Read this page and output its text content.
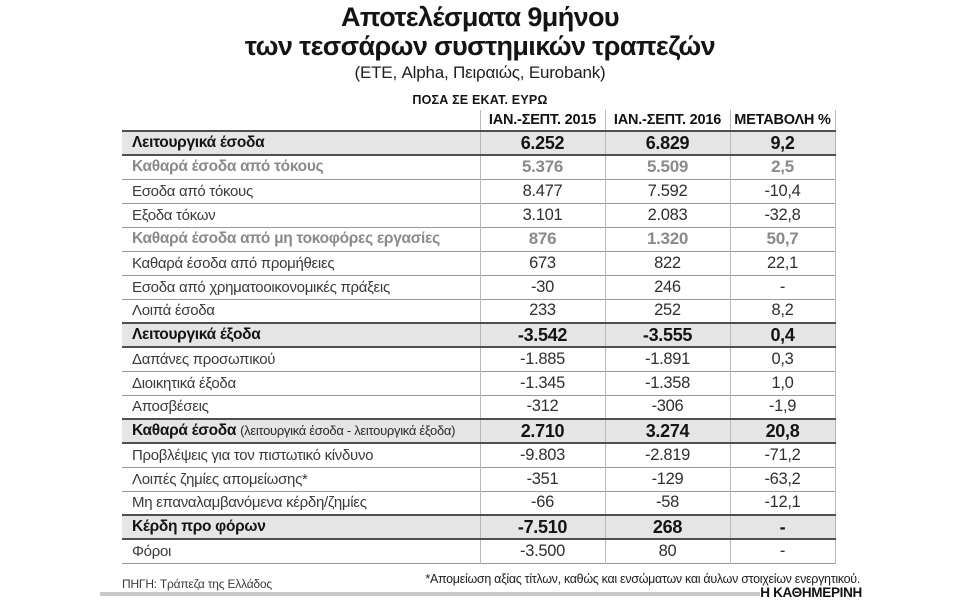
Αποτελέσματα 9μήνου
των τεσσάρων συστημικών τραπεζών
(ΕΤΕ, Alpha, Πειραιώς, Eurobank)
ΠΟΣΑ ΣΕ ΕΚΑΤ. ΕΥΡΩ
	ΙΑΝ.-ΣΕΠΤ. 2015	ΙΑΝ.-ΣΕΠΤ. 2016	ΜΕΤΑΒΟΛΗ %
Λειτουργικά έσοδα	6.252	6.829	9,2
Καθαρά έσοδα από τόκους	5.376	5.509	2,5
Εσοδα από τόκους	8.477	7.592	-10,4
Εξοδα τόκων	3.101	2.083	-32,8
Καθαρά έσοδα από μη τοκοφόρες εργασίες	876	1.320	50,7
Καθαρά έσοδα από προμήθειες	673	822	22,1
Εσοδα από χρηματοοικονομικές πράξεις	-30	246	-
Λοιπά έσοδα	233	252	8,2
Λειτουργικά έξοδα	-3.542	-3.555	0,4
Δαπάνες προσωπικού	-1.885	-1.891	0,3
Διοικητικά έξοδα	-1.345	-1.358	1,0
Αποσβέσεις	-312	-306	-1,9
Καθαρά έσοδα (λειτουργικά έσοδα - λειτουργικά έξοδα)	2.710	3.274	20,8
Προβλέψεις για τον πιστωτικό κίνδυνο	-9.803	-2.819	-71,2
Λοιπές ζημίες απομείωσης*	-351	-129	-63,2
Μη επαναλαμβανόμενα κέρδη/ζημίες	-66	-58	-12,1
Κέρδη προ φόρων	-7.510	268	-
Φόροι	-3.500	80	-
ΠΗΓΗ: Τράπεζα της Ελλάδος	*Απομείωση αξίας τίτλων, καθώς και ενσώματων και άυλων στοιχείων ενεργητικού.
Η ΚΑΘΗΜΕΡΙΝΗ
